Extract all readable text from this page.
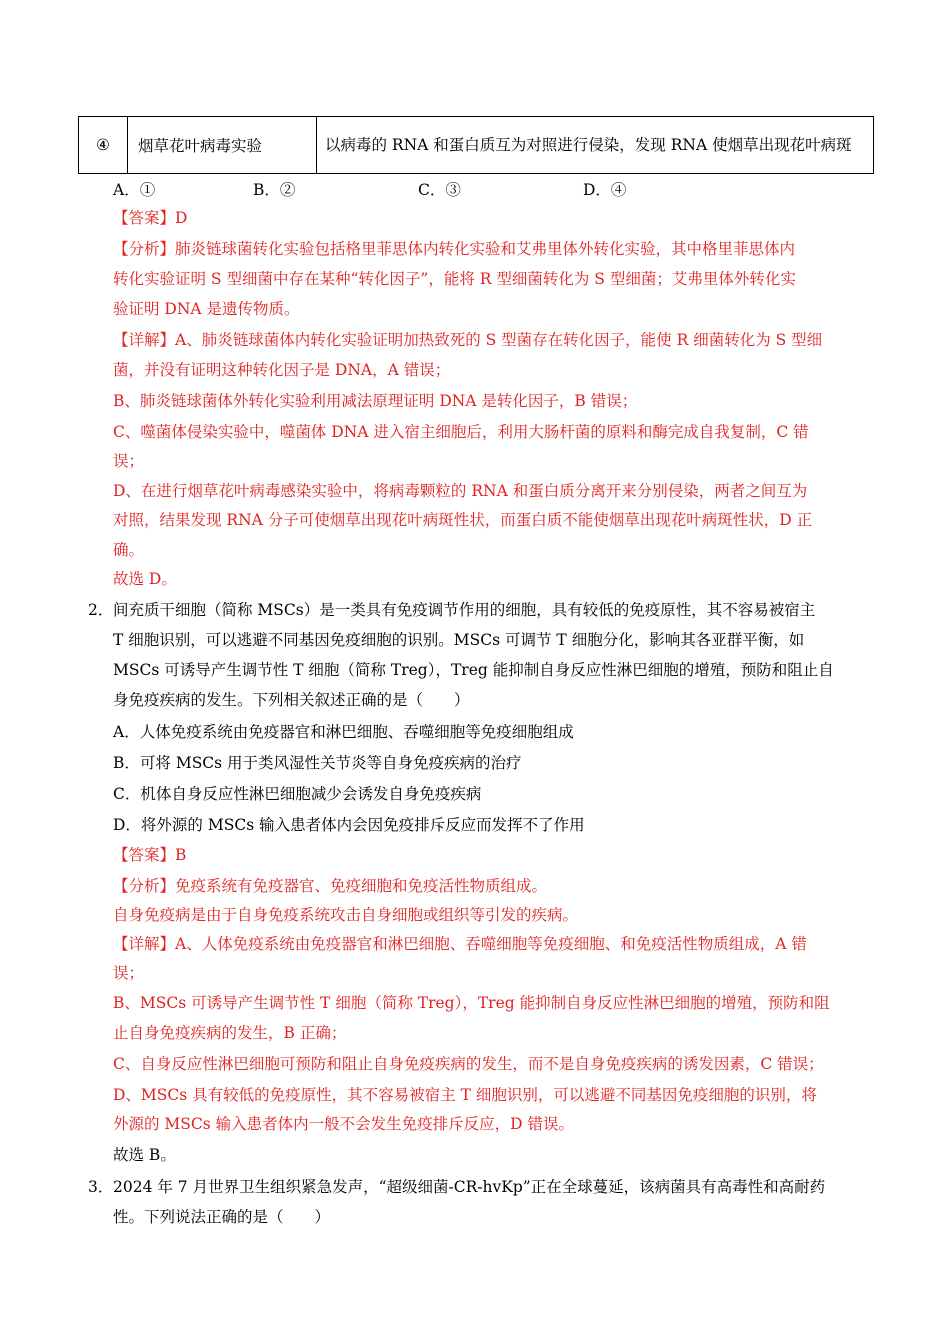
④	烟草花叶病毒实验	以病毒的 RNA 和蛋白质互为对照进行侵染，发现 RNA 使烟草出现花叶病斑
A．①	B．②	C．③	D．④
【答案】D
【分析】肺炎链球菌转化实验包括格里菲思体内转化实验和艾弗里体外转化实验，其中格里菲思体内
转化实验证明 S 型细菌中存在某种“转化因子”，能将 R 型细菌转化为 S 型细菌；艾弗里体外转化实
验证明 DNA 是遗传物质。
【详解】A、肺炎链球菌体内转化实验证明加热致死的 S 型菌存在转化因子，能使 R 细菌转化为 S 型细
菌，并没有证明这种转化因子是 DNA，A 错误；
B、肺炎链球菌体外转化实验利用减法原理证明 DNA 是转化因子，B 错误；
C、噬菌体侵染实验中，噬菌体 DNA 进入宿主细胞后，利用大肠杆菌的原料和酶完成自我复制，C 错
误；
D、在进行烟草花叶病毒感染实验中，将病毒颗粒的 RNA 和蛋白质分离开来分别侵染，两者之间互为
对照，结果发现 RNA 分子可使烟草出现花叶病斑性状，而蛋白质不能使烟草出现花叶病斑性状，D 正
确。
故选 D。
2． 间充质干细胞（简称 MSCs）是一类具有免疫调节作用的细胞，具有较低的免疫原性，其不容易被宿主
T 细胞识别，可以逃避不同基因免疫细胞的识别。MSCs 可调节 T 细胞分化，影响其各亚群平衡，如
MSCs 可诱导产生调节性 T 细胞（简称 Treg），Treg 能抑制自身反应性淋巴细胞的增殖，预防和阻止自
身免疫疾病的发生。下列相关叙述正确的是（　　）
A．人体免疫系统由免疫器官和淋巴细胞、吞噬细胞等免疫细胞组成
B．可将 MSCs 用于类风湿性关节炎等自身免疫疾病的治疗
C．机体自身反应性淋巴细胞减少会诱发自身免疫疾病
D．将外源的 MSCs 输入患者体内会因免疫排斥反应而发挥不了作用
【答案】B
【分析】免疫系统有免疫器官、免疫细胞和免疫活性物质组成。
自身免疫病是由于自身免疫系统攻击自身细胞或组织等引发的疾病。
【详解】A、人体免疫系统由免疫器官和淋巴细胞、吞噬细胞等免疫细胞、和免疫活性物质组成，A 错
误；
B、MSCs 可诱导产生调节性 T 细胞（简称 Treg），Treg 能抑制自身反应性淋巴细胞的增殖，预防和阻
止自身免疫疾病的发生，B 正确；
C、自身反应性淋巴细胞可预防和阻止自身免疫疾病的发生，而不是自身免疫疾病的诱发因素，C 错误；
D、MSCs 具有较低的免疫原性，其不容易被宿主 T 细胞识别，可以逃避不同基因免疫细胞的识别，将
外源的 MSCs 输入患者体内一般不会发生免疫排斥反应，D 错误。
故选 B。
3． 2024 年 7 月世界卫生组织紧急发声，“超级细菌-CR-hvKp”正在全球蔓延，该病菌具有高毒性和高耐药
性。下列说法正确的是（　　）
